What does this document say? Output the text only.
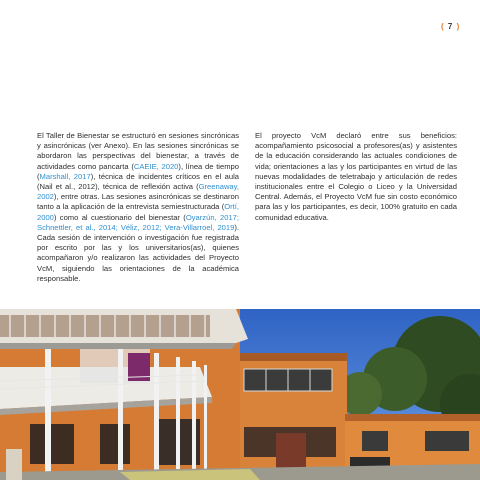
( 7 )
El Taller de Bienestar se estructuró en sesiones sincrónicas y asincrónicas (ver Anexo). En las sesiones sincrónicas se abordaron las perspectivas del bienestar, a través de actividades como pancarta (CAEIE, 2020), línea de tiempo (Marshall, 2017), técnica de incidentes críticos en el aula (Nail et al., 2012), técnica de reflexión activa (Greenaway, 2002), entre otras. Las sesiones asincrónicas se destinaron tanto a la aplicación de la entrevista semiestructurada (Ortí, 2000) como al cuestionario del bienestar (Oyarzún, 2017; Schnettler, et al., 2014; Véliz, 2012; Vera-Villarroel, 2019). Cada sesión de intervención o investigación fue registrada por escrito por las y los universitarios(as), quienes acompañaron y/o realizaron las actividades del Proyecto VcM, siguiendo las orientaciones de la académica responsable.
El proyecto VcM declaró entre sus beneficios: acompañamiento psicosocial a profesores(as) y asistentes de la educación considerando las actuales condiciones de vida; orientaciones a las y los participantes en virtud de las nuevas modalidades de teletrabajo y articulación de redes institucionales entre el Colegio o Liceo y la Universidad Central. Además, el Proyecto VcM fue sin costo económico para las y los participantes, es decir, 100% gratuito en cada comunidad educativa.
